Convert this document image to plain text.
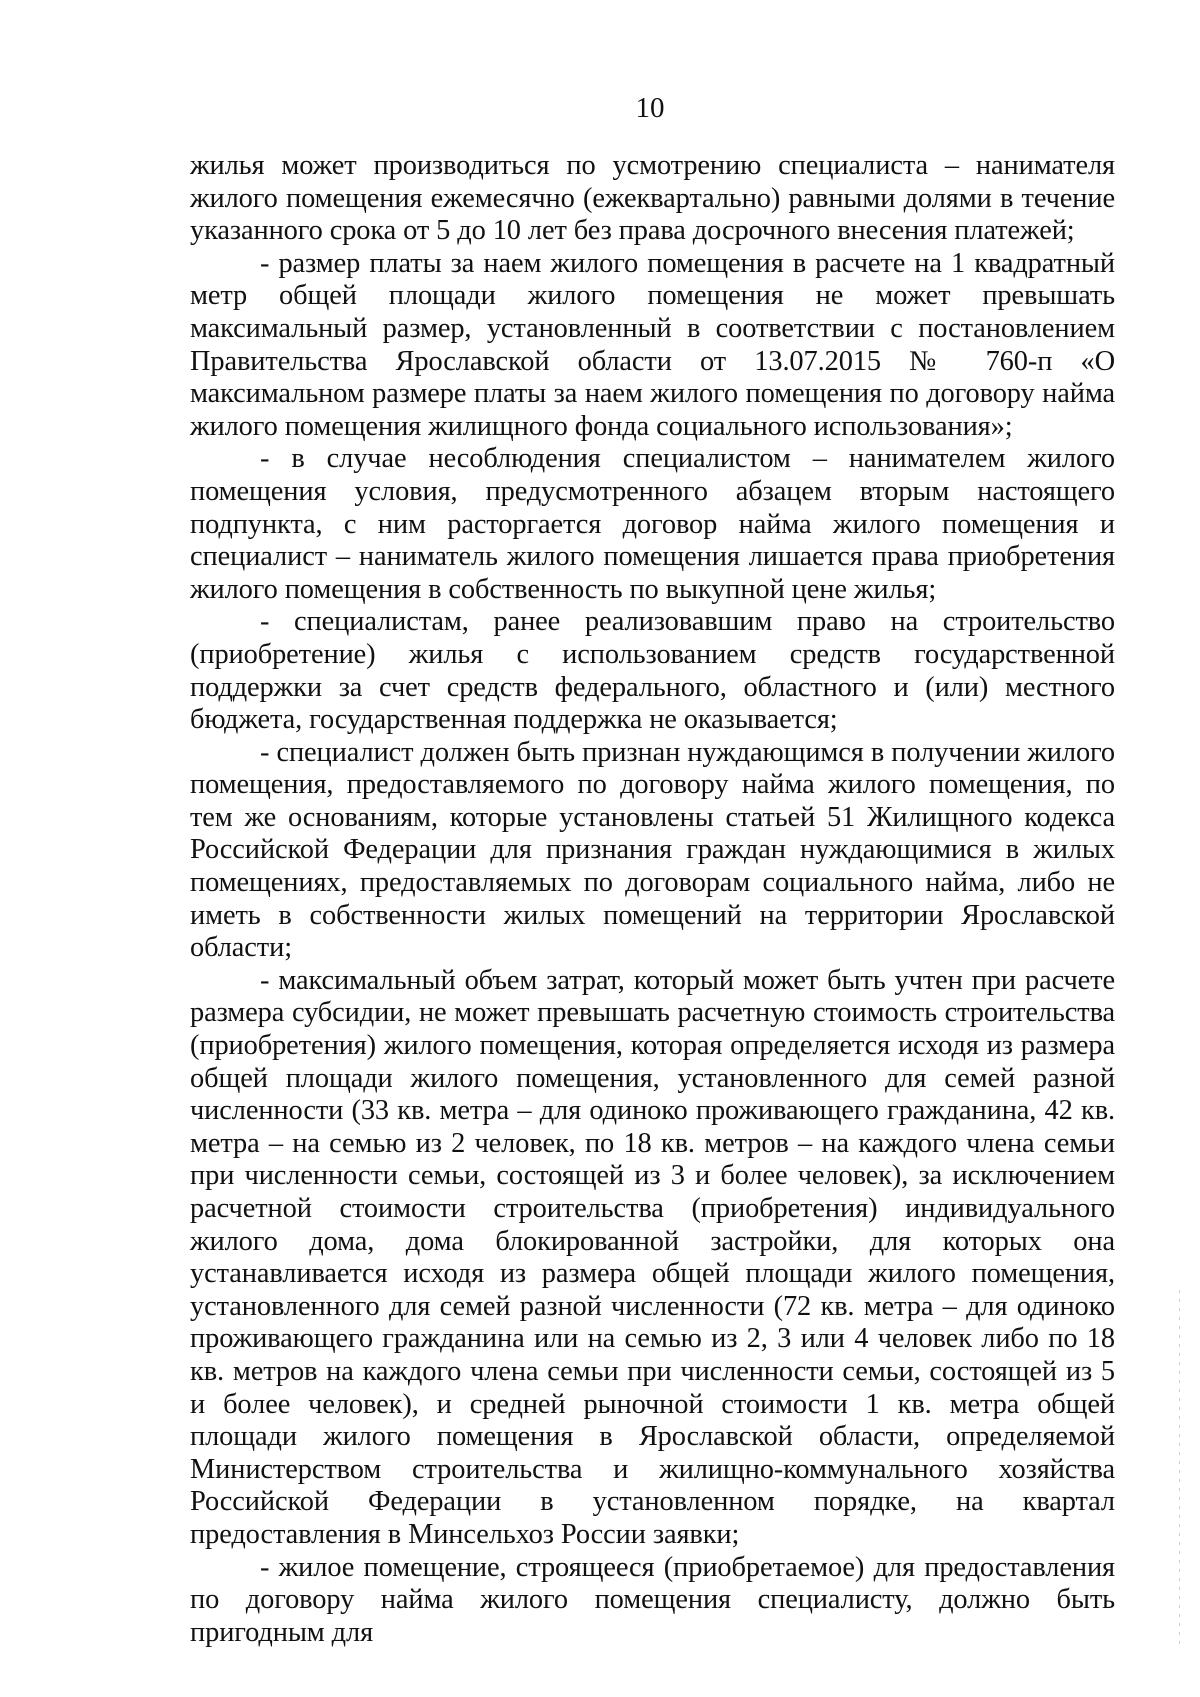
10

жилья может производиться по усмотрению специалиста – нанимателя жилого помещения ежемесячно (ежеквартально) равными долями в течение указанного срока от 5 до 10 лет без права досрочного внесения платежей;

- размер платы за наем жилого помещения в расчете на 1 квадратный метр общей площади жилого помещения не может превышать максимальный размер, установленный в соответствии с постановлением Правительства Ярославской области от 13.07.2015 № 760-п «О максимальном размере платы за наем жилого помещения по договору найма жилого помещения жилищного фонда социального использования»;

- в случае несоблюдения специалистом – нанимателем жилого помещения условия, предусмотренного абзацем вторым настоящего подпункта, с ним расторгается договор найма жилого помещения и специалист – наниматель жилого помещения лишается права приобретения жилого помещения в собственность по выкупной цене жилья;

- специалистам, ранее реализовавшим право на строительство (приобретение) жилья с использованием средств государственной поддержки за счет средств федерального, областного и (или) местного бюджета, государственная поддержка не оказывается;

- специалист должен быть признан нуждающимся в получении жилого помещения, предоставляемого по договору найма жилого помещения, по тем же основаниям, которые установлены статьей 51 Жилищного кодекса Российской Федерации для признания граждан нуждающимися в жилых помещениях, предоставляемых по договорам социального найма, либо не иметь в собственности жилых помещений на территории Ярославской области;

- максимальный объем затрат, который может быть учтен при расчете размера субсидии, не может превышать расчетную стоимость строительства (приобретения) жилого помещения, которая определяется исходя из размера общей площади жилого помещения, установленного для семей разной численности (33 кв. метра – для одиноко проживающего гражданина, 42 кв. метра – на семью из 2 человек, по 18 кв. метров – на каждого члена семьи при численности семьи, состоящей из 3 и более человек), за исключением расчетной стоимости строительства (приобретения) индивидуального жилого дома, дома блокированной застройки, для которых она устанавливается исходя из размера общей площади жилого помещения, установленного для семей разной численности (72 кв. метра – для одиноко проживающего гражданина или на семью из 2, 3 или 4 человек либо по 18 кв. метров на каждого члена семьи при численности семьи, состоящей из 5 и более человек), и средней рыночной стоимости 1 кв. метра общей площади жилого помещения в Ярославской области, определяемой Министерством строительства и жилищно-коммунального хозяйства Российской Федерации в установленном порядке, на квартал предоставления в Минсельхоз России заявки;

- жилое помещение, строящееся (приобретаемое) для предоставления по договору найма жилого помещения специалисту, должно быть пригодным для
